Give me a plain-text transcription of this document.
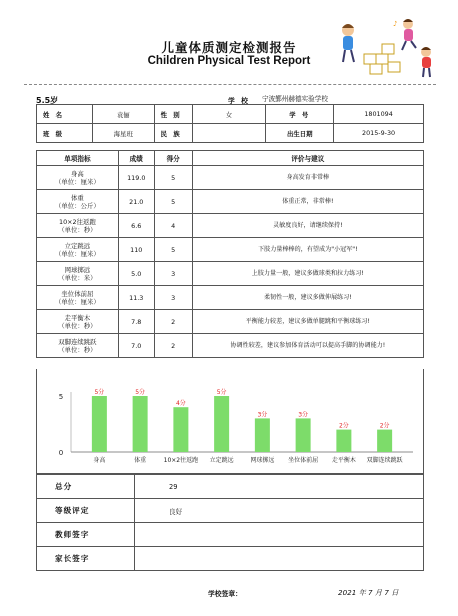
♪
儿童体质测定检测报告
Children Physical Test Report
5.5岁	学 校 宁波鄞州赫德实验学校
姓 名	袁俪	性 别	女	学 号	1801094
班 级	海星班	民 族		出生日期	2015-9-30
单项指标	成绩	得分	评价与建议

身高
（单位：厘米）	119.0	5	身高发育非常棒

体重
（单位：公斤）	21.0	5	体重正常，非常棒!

10×2往返跑
（单位：秒）	6.6	4	灵敏度良好，请继续保持!

立定跳远
（单位：厘米）	110	5	下肢力量棒棒的，有望成为"小冠军"!

网球掷远
（单位：米）	5.0	3	上肢力量一般，建议多做球类和拉力练习!

坐位体前屈
（单位：厘米）	11.3	3	柔韧性一般，建议多做伸展练习!

走平衡木
（单位：秒）	7.8	2	平衡能力较差，建议多做单腿跳和平衡球练习!

双脚连续跳跃
（单位：秒）	7.0	2	协调性较差，建议参加体育活动可以提高手脚的协调能力!
5
0
5分
身高
5分
体重
4分
10×2往返跑
5分
立定跳远
3分
网球掷远
3分
坐位体前屈
2分
走平衡木
2分
双脚连续跳跃
总分	29
等级评定	良好
教师签字	
家长签字	
学校签章：	2021 年 7 月 7 日
